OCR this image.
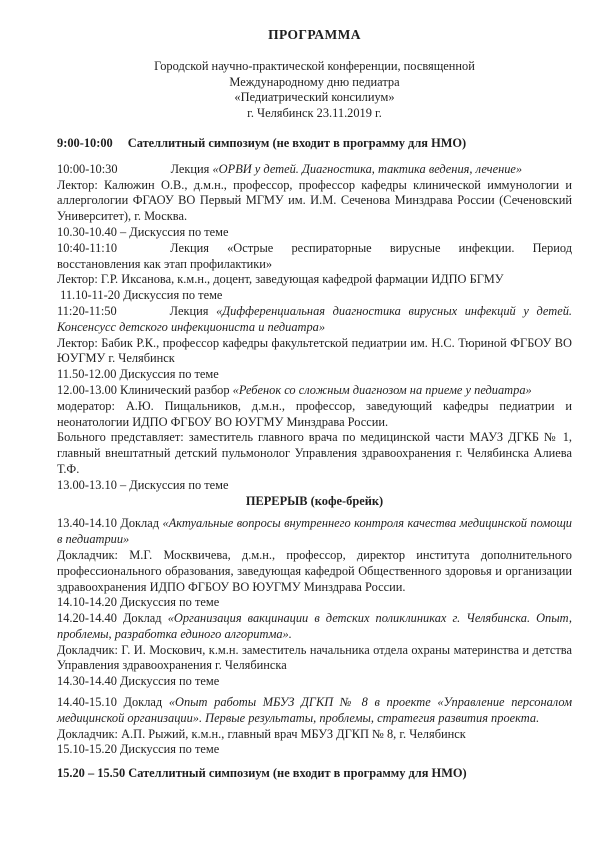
ПРОГРАММА

Городской научно-практической конференции, посвященной

Международному дню педиатра

«Педиатрический консилиум»

г. Челябинск 23.11.2019 г.

9:00-10:00 Сателлитный симпозиум (не входит в программу для НМО)

10:00-10:30	Лекция «ОРВИ у детей. Диагностика, тактика ведения, лечение»

Лектор: Калюжин О.В., д.м.н., профессор, профессор кафедры клинической иммунологии и аллергологии ФГАОУ ВО Первый МГМУ им. И.М. Сеченова Минздрава России (Сеченовский Университет), г. Москва.

10.30-10.40 – Дискуссия по теме

10:40-11:10	Лекция «Острые респираторные вирусные инфекции. Период восстановления как этап профилактики»

Лектор: Г.Р. Иксанова, к.м.н., доцент, заведующая кафедрой фармации ИДПО БГМУ

11.10-11-20 Дискуссия по теме

11:20-11:50	Лекция «Дифференциальная диагностика вирусных инфекций у детей. Консенсусс детского инфекциониста и педиатра»

Лектор: Бабик Р.К., профессор кафедры факультетской педиатрии им. Н.С. Тюриной ФГБОУ ВО ЮУГМУ г. Челябинск

11.50-12.00 Дискуссия по теме

12.00-13.00 Клинический разбор «Ребенок со сложным диагнозом на приеме у педиатра»

модератор: А.Ю. Пищальников, д.м.н., профессор, заведующий кафедры педиатрии и неонатологии ИДПО ФГБОУ ВО ЮУГМУ Минздрава России.

Больного представляет: заместитель главного врача по медицинской части МАУЗ ДГКБ № 1, главный внештатный детский пульмонолог Управления здравоохранения г. Челябинска Алиева Т.Ф.

13.00-13.10 – Дискуссия по теме

ПЕРЕРЫВ (кофе-брейк)

13.40-14.10 Доклад «Актуальные вопросы внутреннего контроля качества медицинской помощи в педиатрии»

Докладчик: М.Г. Москвичева, д.м.н., профессор, директор института дополнительного профессионального образования, заведующая кафедрой Общественного здоровья и организации здравоохранения ИДПО ФГБОУ ВО ЮУГМУ Минздрава России.

14.10-14.20 Дискуссия по теме

14.20-14.40 Доклад «Организация вакцинации в детских поликлиниках г. Челябинска. Опыт, проблемы, разработка единого алгоритма».

Докладчик: Г. И. Москович, к.м.н. заместитель начальника отдела охраны материнства и детства Управления здравоохранения г. Челябинска

14.30-14.40 Дискуссия по теме

14.40-15.10 Доклад «Опыт работы МБУЗ ДГКП № 8 в проекте «Управление персоналом медицинской организации». Первые результаты, проблемы, стратегия развития проекта.

Докладчик: А.П. Рыжий, к.м.н., главный врач МБУЗ ДГКП № 8, г. Челябинск

15.10-15.20 Дискуссия по теме

15.20 – 15.50 Сателлитный симпозиум (не входит в программу для НМО)
